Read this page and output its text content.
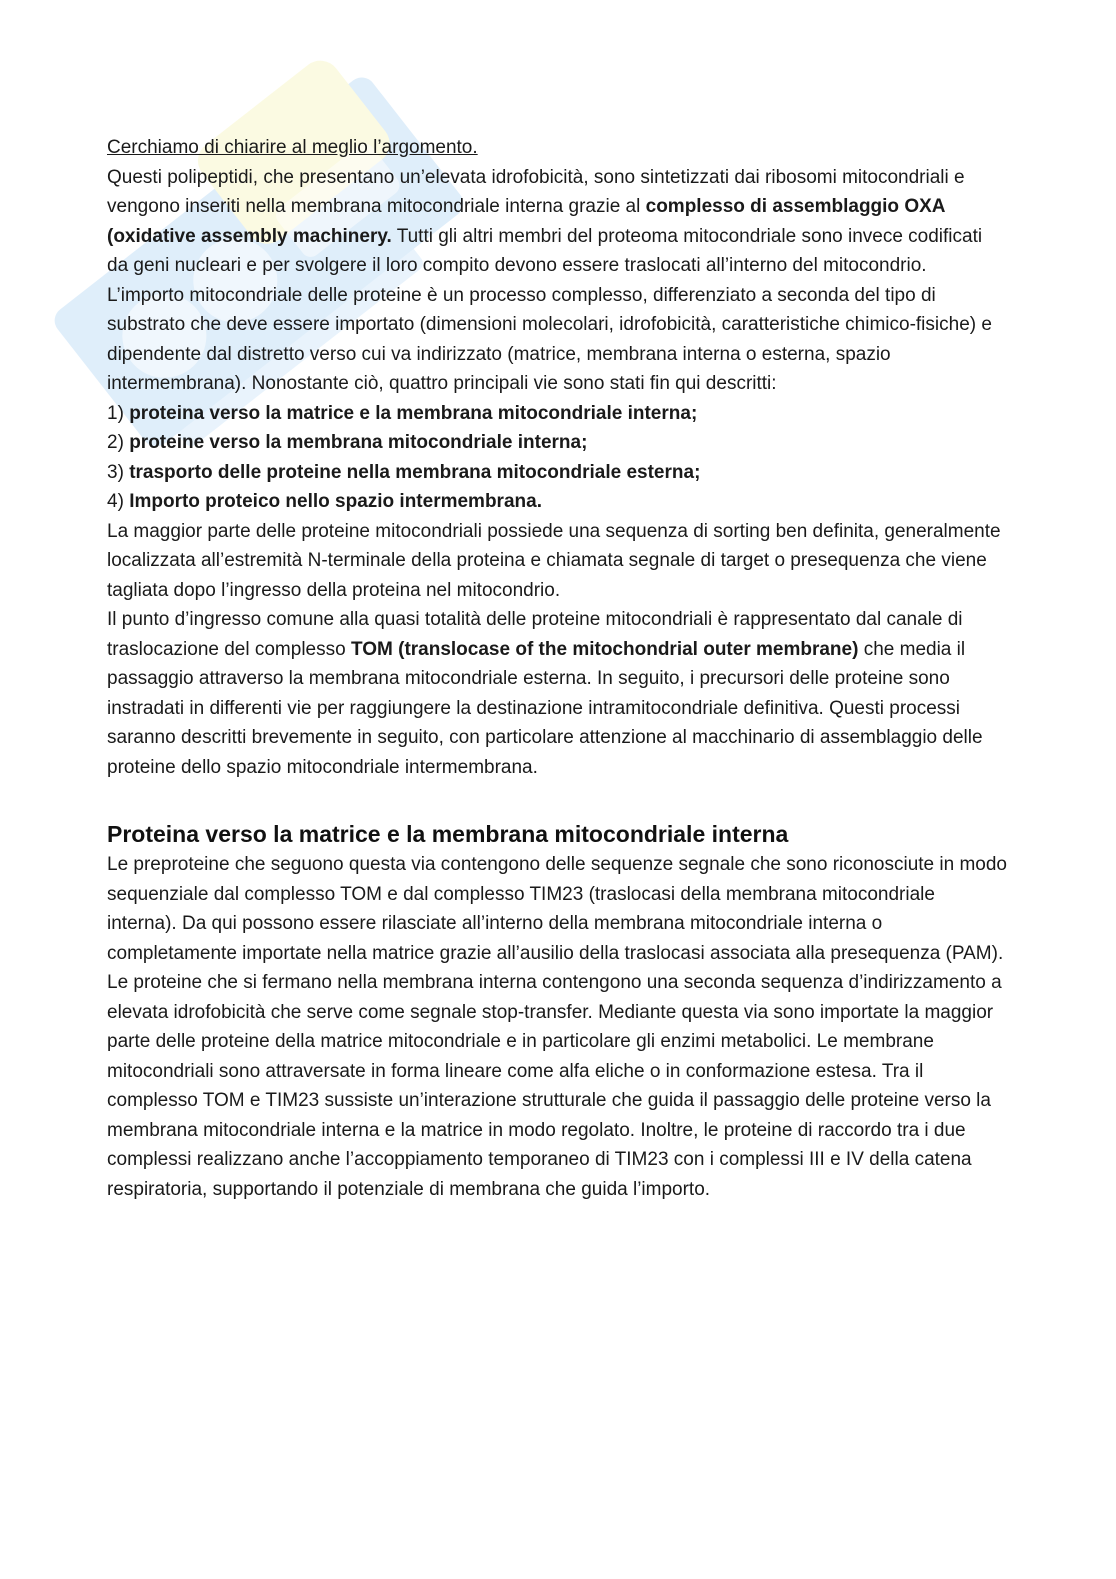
Cerchiamo di chiarire al meglio l’argomento.

Questi polipeptidi, che presentano un’elevata idrofobicità, sono sintetizzati dai ribosomi mitocondriali e vengono inseriti nella membrana mitocondriale interna grazie al complesso di assemblaggio OXA (oxidative assembly machinery. Tutti gli altri membri del proteoma mitocondriale sono invece codificati da geni nucleari e per svolgere il loro compito devono essere traslocati all’interno del mitocondrio. L’importo mitocondriale delle proteine è un processo complesso, differenziato a seconda del tipo di substrato che deve essere importato (dimensioni molecolari, idrofobicità, caratteristiche chimico-fisiche) e dipendente dal distretto verso cui va indirizzato (matrice, membrana interna o esterna, spazio intermembrana). Nonostante ciò, quattro principali vie sono stati fin qui descritti:

1) proteina verso la matrice e la membrana mitocondriale interna;

2) proteine verso la membrana mitocondriale interna;

3) trasporto delle proteine nella membrana mitocondriale esterna;

4) Importo proteico nello spazio intermembrana.

La maggior parte delle proteine mitocondriali possiede una sequenza di sorting ben definita, generalmente localizzata all’estremità N-terminale della proteina e chiamata segnale di target o presequenza che viene tagliata dopo l’ingresso della proteina nel mitocondrio.

Il punto d’ingresso comune alla quasi totalità delle proteine mitocondriali è rappresentato dal canale di traslocazione del complesso TOM (translocase of the mitochondrial outer membrane) che media il passaggio attraverso la membrana mitocondriale esterna. In seguito, i precursori delle proteine sono instradati in differenti vie per raggiungere la destinazione intramitocondriale definitiva. Questi processi saranno descritti brevemente in seguito, con particolare attenzione al macchinario di assemblaggio delle proteine dello spazio mitocondriale intermembrana.

Proteina verso la matrice e la membrana mitocondriale interna

Le preproteine che seguono questa via contengono delle sequenze segnale che sono riconosciute in modo sequenziale dal complesso TOM e dal complesso TIM23 (traslocasi della membrana mitocondriale interna). Da qui possono essere rilasciate all’interno della membrana mitocondriale interna o completamente importate nella matrice grazie all’ausilio della traslocasi associata alla presequenza (PAM). Le proteine che si fermano nella membrana interna contengono una seconda sequenza d’indirizzamento a elevata idrofobicità che serve come segnale stop-transfer. Mediante questa via sono importate la maggior parte delle proteine della matrice mitocondriale e in particolare gli enzimi metabolici. Le membrane mitocondriali sono attraversate in forma lineare come alfa eliche o in conformazione estesa. Tra il complesso TOM e TIM23 sussiste un’interazione strutturale che guida il passaggio delle proteine verso la membrana mitocondriale interna e la matrice in modo regolato. Inoltre, le proteine di raccordo tra i due complessi realizzano anche l’accoppiamento temporaneo di TIM23 con i complessi III e IV della catena respiratoria, supportando il potenziale di membrana che guida l’importo.
